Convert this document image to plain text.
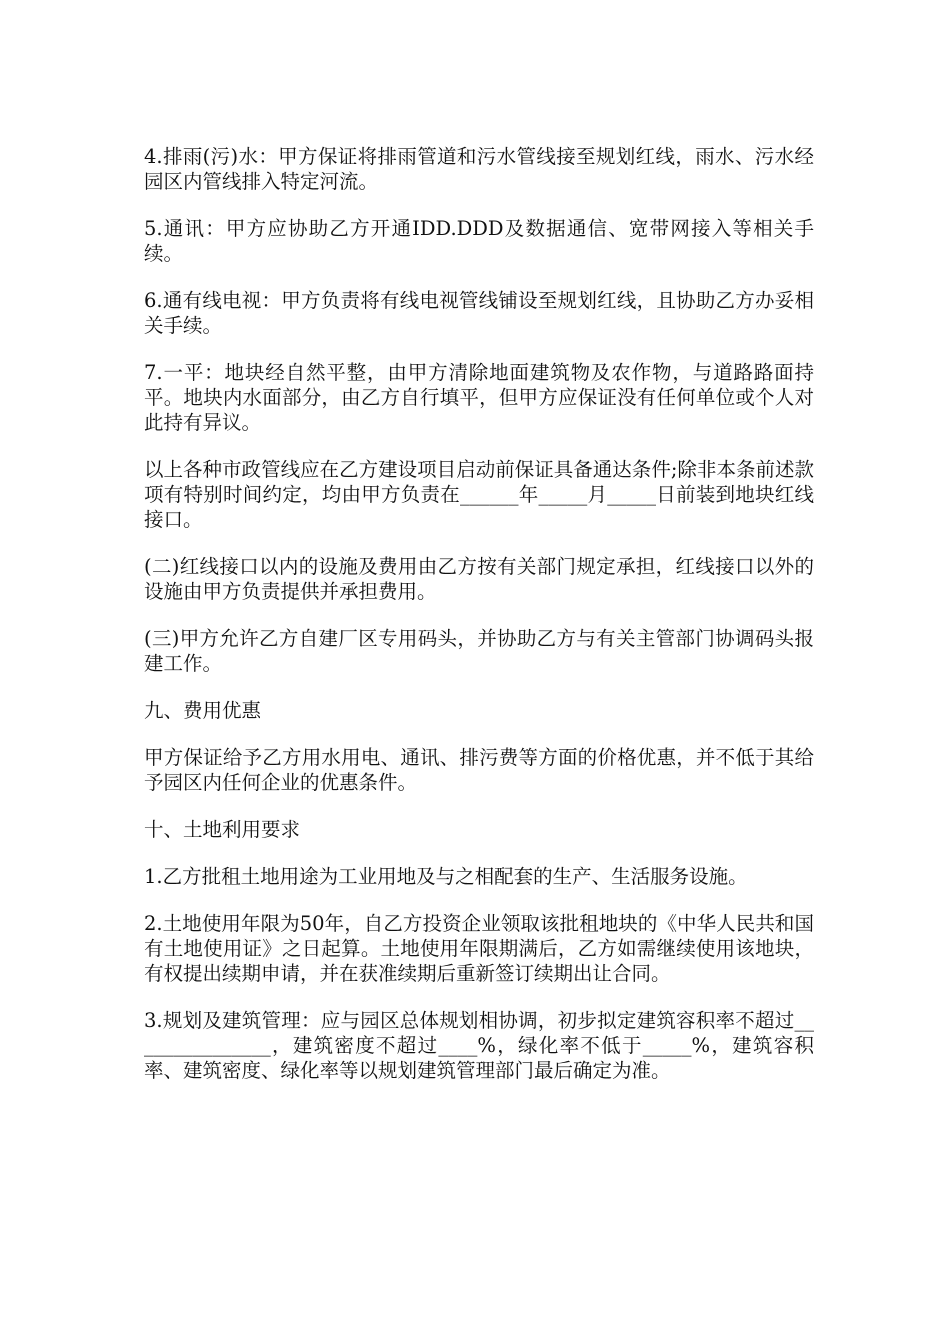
4.排雨(污)水：甲方保证将排雨管道和污水管线接至规划红线，雨水、污水经园区内管线排入特定河流。

5.通讯：甲方应协助乙方开通IDD.DDD及数据通信、宽带网接入等相关手续。

6.通有线电视：甲方负责将有线电视管线铺设至规划红线，且协助乙方办妥相关手续。

7.一平：地块经自然平整，由甲方清除地面建筑物及农作物，与道路路面持平。地块内水面部分，由乙方自行填平，但甲方应保证没有任何单位或个人对此持有异议。

以上各种市政管线应在乙方建设项目启动前保证具备通达条件;除非本条前述款项有特别时间约定，均由甲方负责在______年_____月_____日前装到地块红线接口。

(二)红线接口以内的设施及费用由乙方按有关部门规定承担，红线接口以外的设施由甲方负责提供并承担费用。

(三)甲方允许乙方自建厂区专用码头，并协助乙方与有关主管部门协调码头报建工作。

九、费用优惠

甲方保证给予乙方用水用电、通讯、排污费等方面的价格优惠，并不低于其给予园区内任何企业的优惠条件。

十、土地利用要求

1.乙方批租土地用途为工业用地及与之相配套的生产、生活服务设施。

2.土地使用年限为50年，自乙方投资企业领取该批租地块的《中华人民共和国有土地使用证》之日起算。土地使用年限期满后，乙方如需继续使用该地块，有权提出续期申请，并在获准续期后重新签订续期出让合同。

3.规划及建筑管理：应与园区总体规划相协调，初步拟定建筑容积率不超过_______________，建筑密度不超过____%，绿化率不低于_____%，建筑容积率、建筑密度、绿化率等以规划建筑管理部门最后确定为准。
